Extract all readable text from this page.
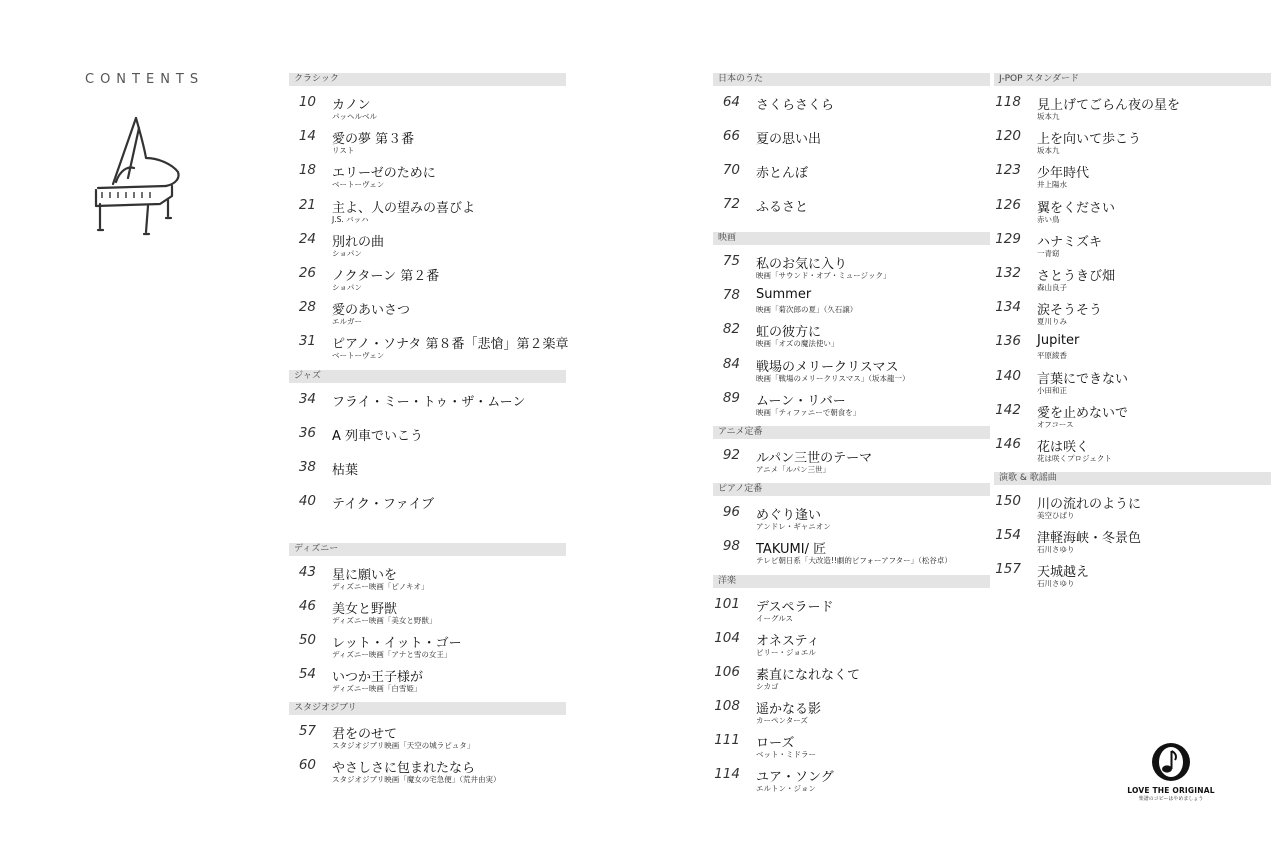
CONTENTS	クラシック
10 カノン
パッヘルベル
14 愛の夢 第３番
リスト
18 エリーゼのために
ベートーヴェン
21 主よ、人の望みの喜びよ
J.S. バッハ
24 別れの曲
ショパン
26 ノクターン 第２番
ショパン
28 愛のあいさつ
エルガー
31 ピアノ・ソナタ 第８番「悲愴」第２楽章
ベートーヴェン
ジャズ
34 フライ・ミー・トゥ・ザ・ムーン
36 A 列車でいこう
38 枯葉
40 テイク・ファイブ
ディズニー
43 星に願いを
ディズニー映画「ピノキオ」
46 美女と野獣
ディズニー映画「美女と野獣」
50 レット・イット・ゴー
ディズニー映画「アナと雪の女王」
54 いつか王子様が
ディズニー映画「白雪姫」
スタジオジブリ
57 君をのせて
スタジオジブリ映画「天空の城ラピュタ」
60 やさしさに包まれたなら
スタジオジブリ映画「魔女の宅急便」（荒井由実）
日本のうた
64 さくらさくら
66 夏の思い出
70 赤とんぼ
72 ふるさと
映画
75 私のお気に入り
映画「サウンド・オブ・ミュージック」
78 Summer
映画「菊次郎の夏」（久石譲）
82 虹の彼方に
映画「オズの魔法使い」
84 戦場のメリークリスマス
映画「戦場のメリークリスマス」（坂本龍一）
89 ムーン・リバー
映画「ティファニーで朝食を」
アニメ定番
92 ルパン三世のテーマ
アニメ「ルパン三世」
ピアノ定番
96 めぐり逢い
アンドレ・ギャニオン
98 TAKUMI/ 匠
テレビ朝日系「大改造!!劇的ビフォーアフター」（松谷卓）
洋楽
101 デスペラード
イーグルス
104 オネスティ
ビリー・ジョエル
106 素直になれなくて
シカゴ
108 遥かなる影
カーペンターズ
111 ローズ
ベット・ミドラー
114 ユア・ソング
エルトン・ジョン
J-POP スタンダード
118 見上げてごらん夜の星を
坂本九
120 上を向いて歩こう
坂本九
123 少年時代
井上陽水
126 翼をください
赤い鳥
129 ハナミズキ
一青窈
132 さとうきび畑
森山良子
134 涙そうそう
夏川りみ
136 Jupiter
平原綾香
140 言葉にできない
小田和正
142 愛を止めないで
オフコース
146 花は咲く
花は咲くプロジェクト
演歌 & 歌謡曲
150 川の流れのように
美空ひばり
154 津軽海峡・冬景色
石川さゆり
157 天城越え
石川さゆり
LOVE THE ORIGINAL
楽譜のコピーはやめましょう
